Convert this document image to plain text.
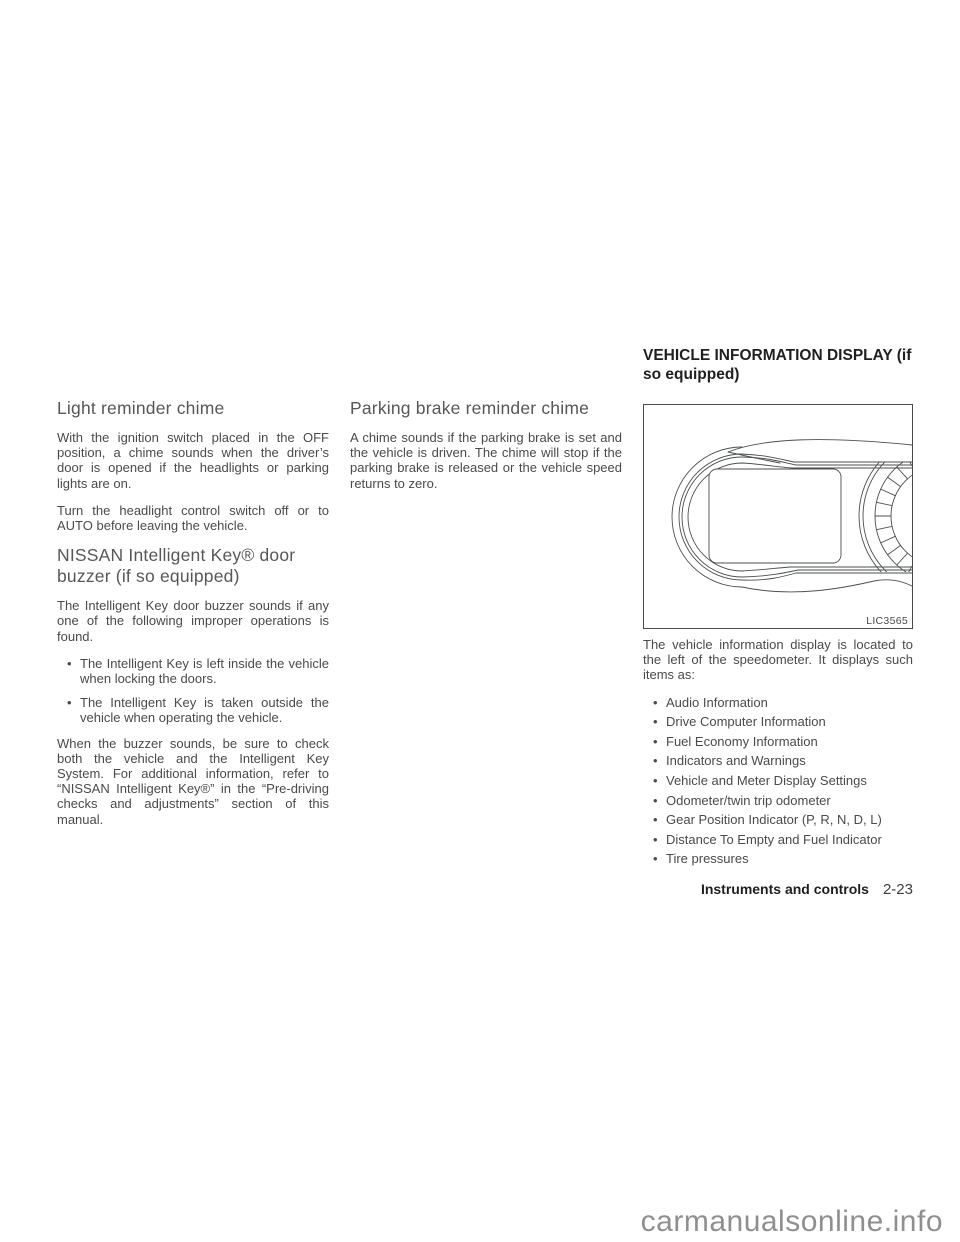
Light reminder chime

With the ignition switch placed in the OFF position, a chime sounds when the driver’s door is opened if the headlights or parking lights are on.

Turn the headlight control switch off or to AUTO before leaving the vehicle.

NISSAN Intelligent Key® door buzzer (if so equipped)

The Intelligent Key door buzzer sounds if any one of the following improper operations is found.

• The Intelligent Key is left inside the vehicle when locking the doors.
• The Intelligent Key is taken outside the vehicle when operating the vehicle.

When the buzzer sounds, be sure to check both the vehicle and the Intelligent Key System. For additional information, refer to “NISSAN Intelligent Key®” in the “Pre-driving checks and adjustments” section of this manual.

Parking brake reminder chime

A chime sounds if the parking brake is set and the vehicle is driven. The chime will stop if the parking brake is released or the vehicle speed returns to zero.

VEHICLE INFORMATION DISPLAY (if so equipped)
LIC3565

The vehicle information display is located to the left of the speedometer. It displays such items as:

• Audio Information
• Drive Computer Information
• Fuel Economy Information
• Indicators and Warnings
• Vehicle and Meter Display Settings
• Odometer/twin trip odometer
• Gear Position Indicator (P, R, N, D, L)
• Distance To Empty and Fuel Indicator
• Tire pressures
Instruments and controls 2-23
carmanualsonline.info
